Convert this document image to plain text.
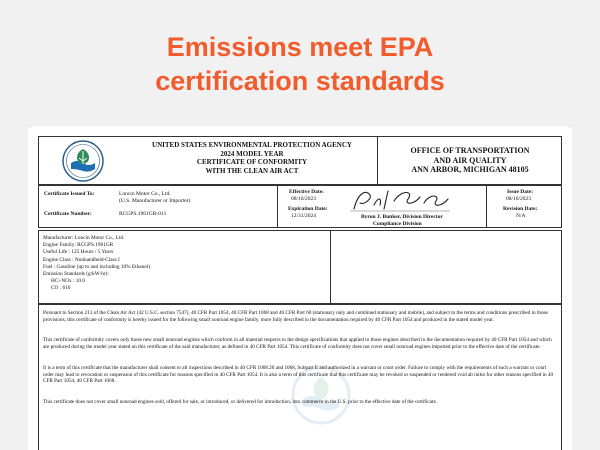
Emissions meet EPA
certification standards
UNITED STATES ENVIRONMENTAL PROTECTION AGENCY
2024 MODEL YEAR
CERTIFICATE OF CONFORMITY
WITH THE CLEAN AIR ACT
OFFICE OF TRANSPORTATION
AND AIR QUALITY
ANN ARBOR, MICHIGAN 48105
Certificate Issued To:	Loncin Motor Co., Ltd.
(U.S. Manufacturer or Importer)
Certificate Number:	RCGPS.1961GR-011
Effective Date:
08/10/2023
Expiration Date:
12/31/2024	Byron J. Bunker, Division Director
Compliance Division
Issue Date:
08/10/2023
Revision Date:
N/A
Manufacturer: Loncin Motor Co., Ltd.
Engine Family: RCGPS.1961GR
Useful Life : 125 Hours / 5 Years
Engine Class : Nonhandheld-Class I
Fuel : Gasoline (up to and including 10% Ethanol)
Emission Standards (g/kW-hr):
HC+NOx : 10.0
CO : 610
Pursuant to Section 213 of the Clean Air Act (42 U.S.C. section 7547), 40 CFR Part 1054, 40 CFR Part 1068 and 40 CFR Part 60 (stationary only and combined stationary and mobile), and subject to the terms and conditions prescribed in those provisions, this certificate of conformity is hereby issued for the following small nonroad engine family, more fully described in the documentation required by 40 CFR Part 1054 and produced in the stated model year.
This certificate of conformity covers only those new small nonroad engines which conform in all material respects to the design specifications that applied to those engines described in the documentation required by 40 CFR Part 1054 and which are produced during the model year stated on this certificate of the said manufacturer, as defined in 40 CFR Part 1054. This certificate of conformity does not cover small nonroad engines imported prior to the effective date of the certificate.
It is a term of this certificate that the manufacturer shall consent to all inspections described in 40 CFR 1068.20 and 1068, Subpart E and authorized in a warrant or court order. Failure to comply with the requirements of such a warrant or court order may lead to revocation or suspension of this certificate for reasons specified in 40 CFR Part 1054. It is also a term of this certificate that this certificate may be revoked or suspended or rendered void ab initio for other reasons specified in 40 CFR Part 1054, 40 CFR Part 1068.
This certificate does not cover small nonroad engines sold, offered for sale, or introduced, or delivered for introduction, into commerce in the U.S. prior to the effective date of the certificate.
